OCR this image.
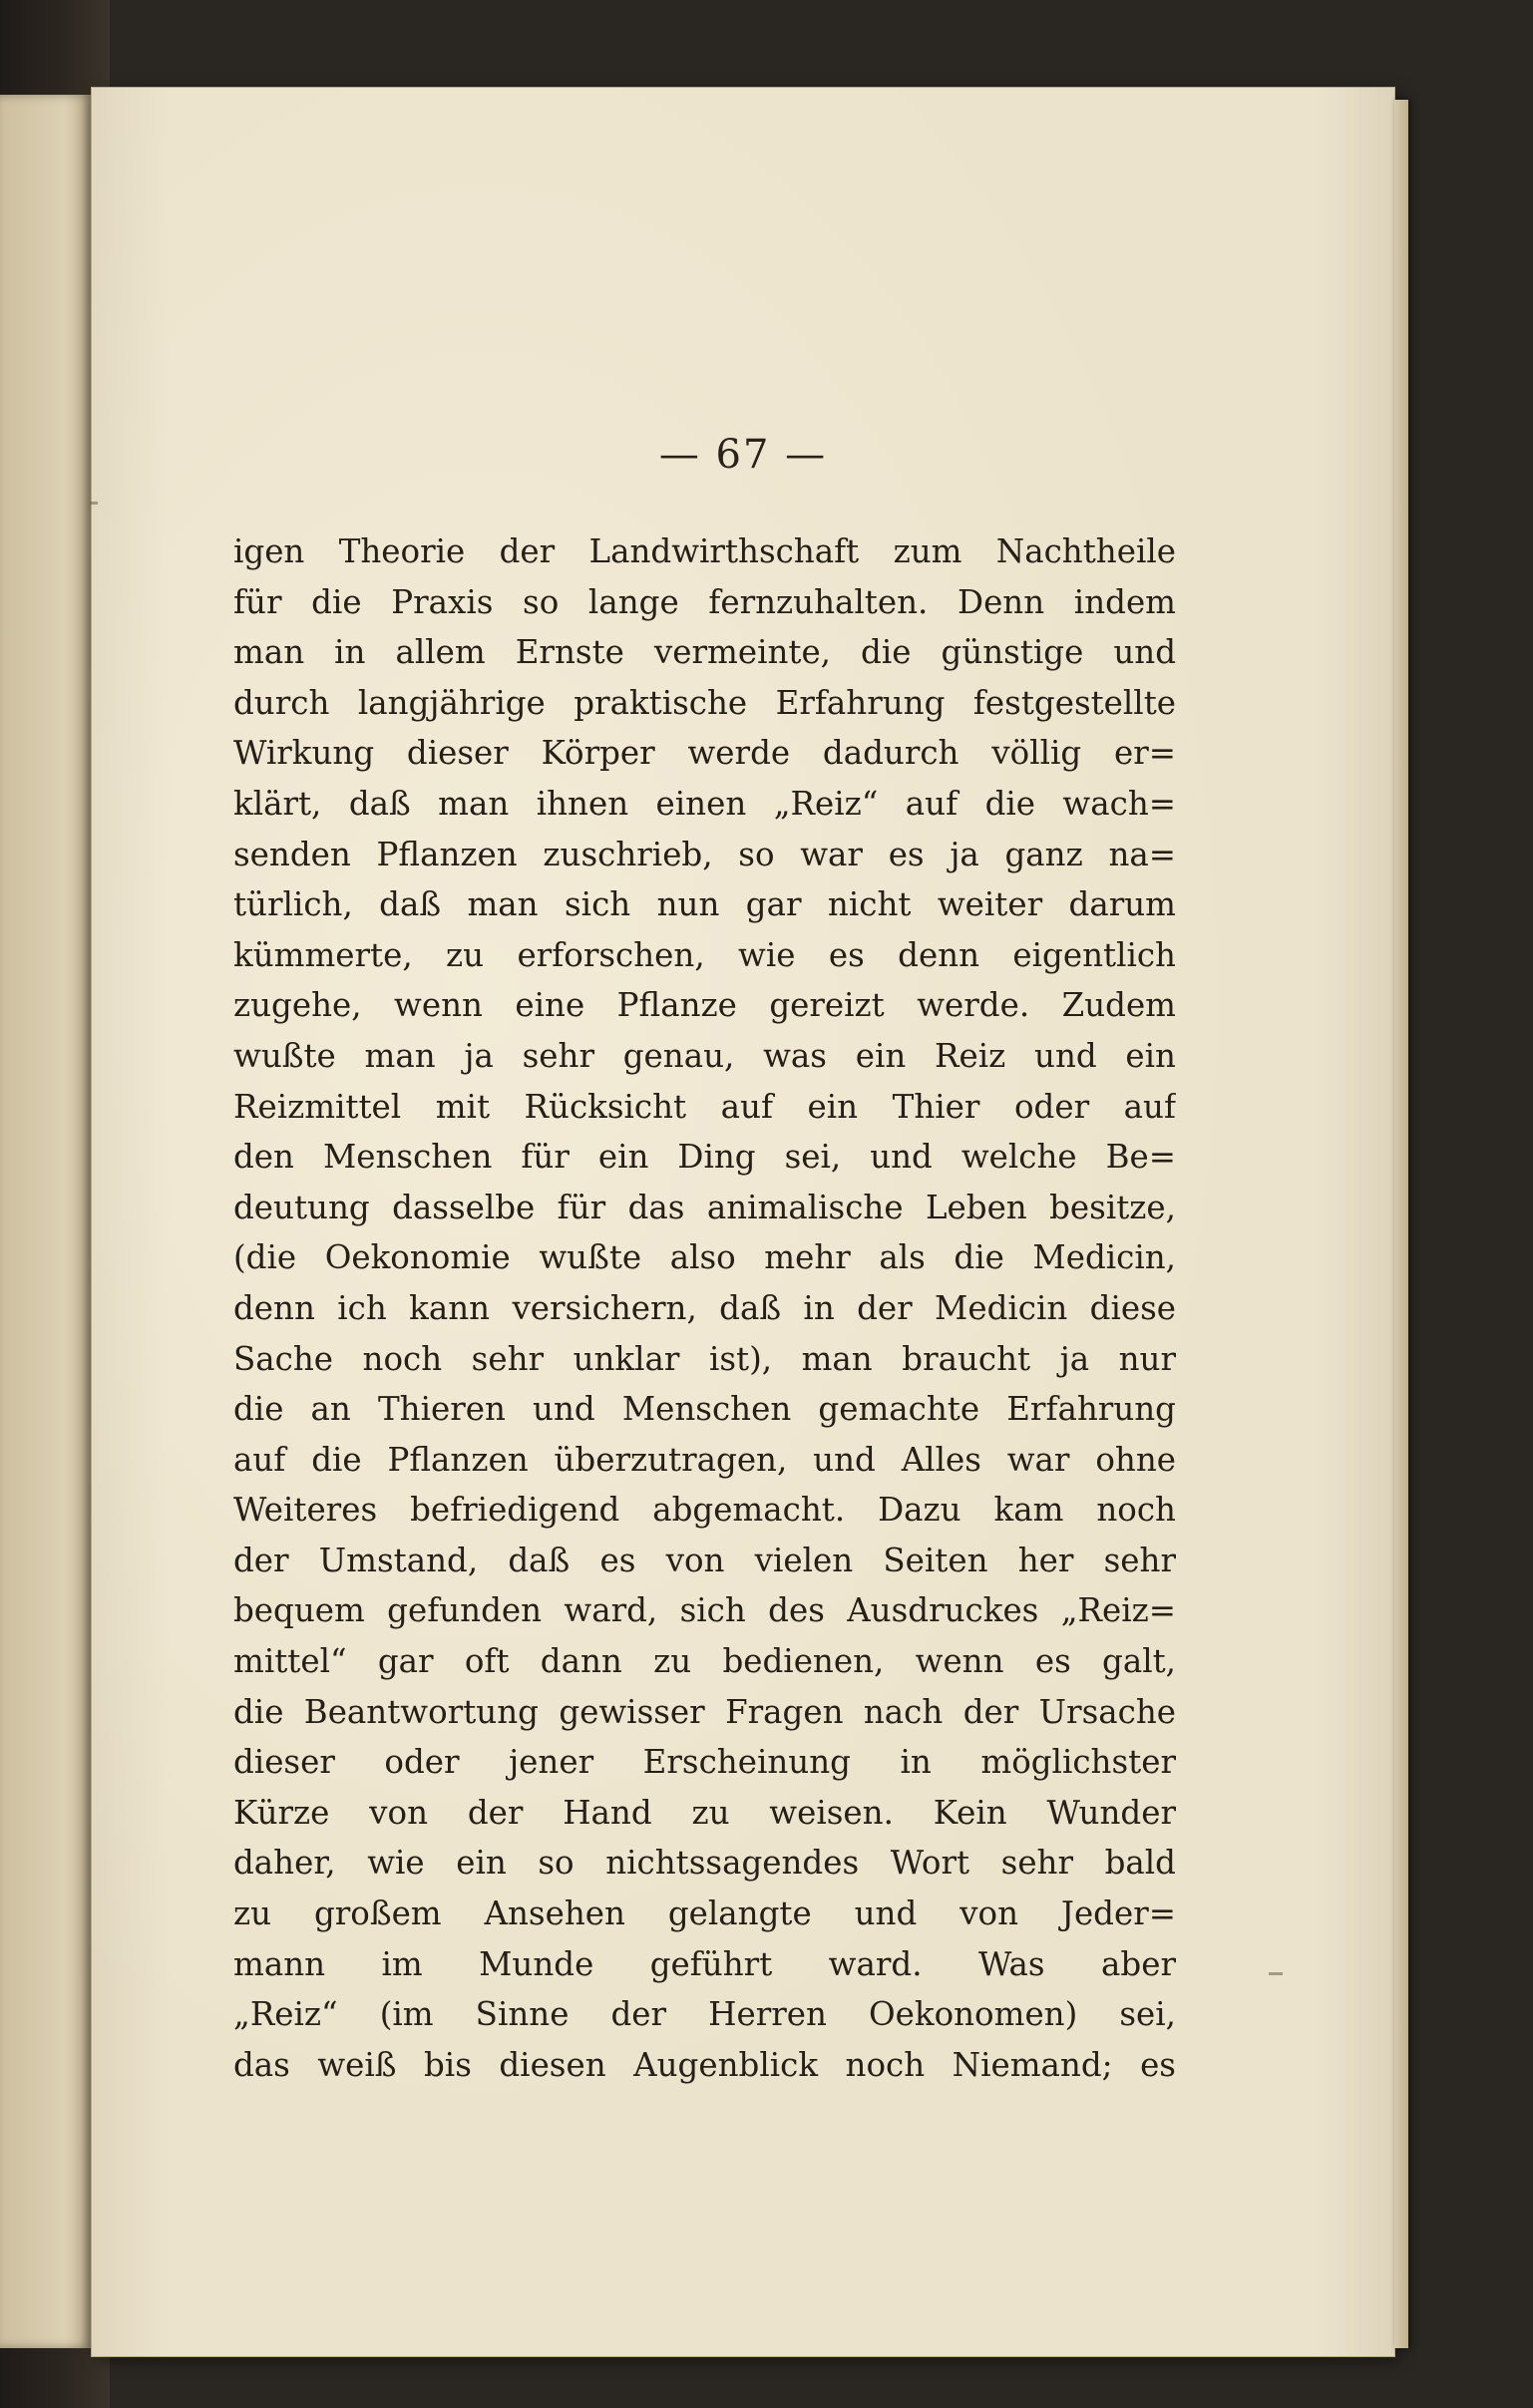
— 67 —
igen Theorie der Landwirthschaft zum Nachtheile
für die Praxis so lange fernzuhalten. Denn indem
man in allem Ernste vermeinte, die günstige und
durch langjährige praktische Erfahrung festgestellte
Wirkung dieser Körper werde dadurch völlig er=
klärt, daß man ihnen einen „Reiz“ auf die wach=
senden Pflanzen zuschrieb, so war es ja ganz na=
türlich, daß man sich nun gar nicht weiter darum
kümmerte, zu erforschen, wie es denn eigentlich
zugehe, wenn eine Pflanze gereizt werde. Zudem
wußte man ja sehr genau, was ein Reiz und ein
Reizmittel mit Rücksicht auf ein Thier oder auf
den Menschen für ein Ding sei, und welche Be=
deutung dasselbe für das animalische Leben besitze,
(die Oekonomie wußte also mehr als die Medicin,
denn ich kann versichern, daß in der Medicin diese
Sache noch sehr unklar ist), man braucht ja nur
die an Thieren und Menschen gemachte Erfahrung
auf die Pflanzen überzutragen, und Alles war ohne
Weiteres befriedigend abgemacht. Dazu kam noch
der Umstand, daß es von vielen Seiten her sehr
bequem gefunden ward, sich des Ausdruckes „Reiz=
mittel“ gar oft dann zu bedienen, wenn es galt,
die Beantwortung gewisser Fragen nach der Ursache
dieser oder jener Erscheinung in möglichster
Kürze von der Hand zu weisen. Kein Wunder
daher, wie ein so nichtssagendes Wort sehr bald
zu großem Ansehen gelangte und von Jeder=
mann im Munde geführt ward. Was aber
„Reiz“ (im Sinne der Herren Oekonomen) sei,
das weiß bis diesen Augenblick noch Niemand; es
